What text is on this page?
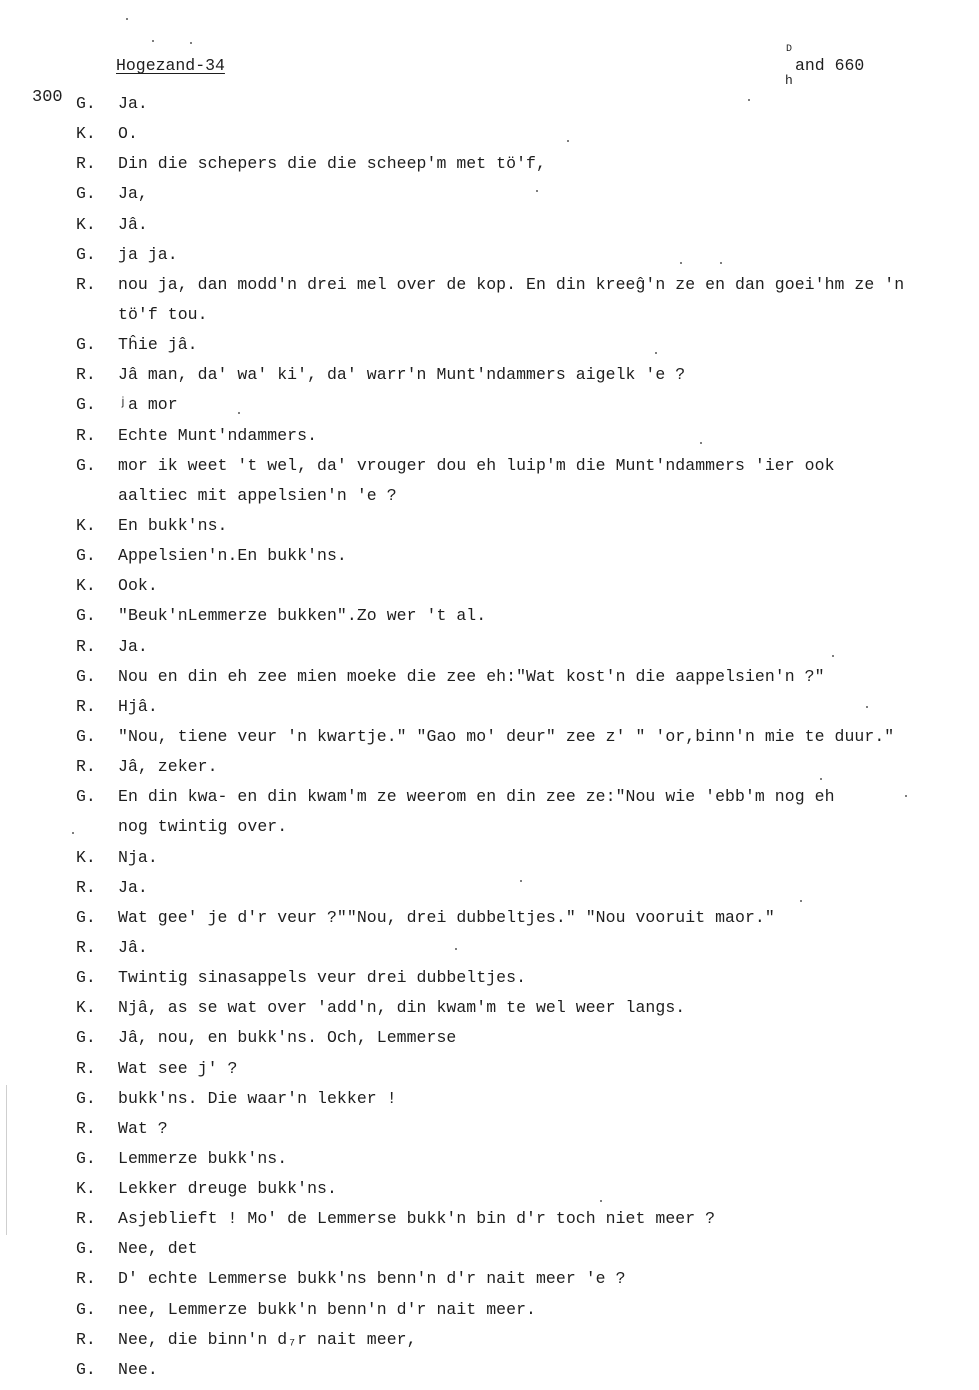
Hogezand-34
D
and 660
h
300 G. Ja.
K. O.
R. Din die schepers die die scheep'm met tö'f,
G. Ja,
K. Jâ.
G. ja ja.
R. nou ja, dan modd'n drei mel over de kop. En din kreeĝ'n ze en dan goei'hm ze 'n
tö'f tou.
G. Tĥie jâ.
R. Jâ man, da' wa' ki', da' warr'n Munt'ndammers aigelk 'e ?
G. ʲa mor
R. Echte Munt'ndammers.
G. mor ik weet 't wel, da' vrouger dou eh luip'm die Munt'ndammers 'ier ook
aaltiec mit appelsien'n 'e ?
K. En bukk'ns.
G. Appelsien'n.En bukk'ns.
K. Ook.
G. "Beuk'nLemmerze bukken".Zo wer 't al.
R. Ja.
G. Nou en din eh zee mien moeke die zee eh:"Wat kost'n die aappelsien'n ?"
R. Hjâ.
G. "Nou, tiene veur 'n kwartje." "Gao mo' deur" zee z' " 'or,binn'n mie te duur."
R. Jâ, zeker.
G. En din kwa- en din kwam'm ze weerom en din zee ze:"Nou wie 'ebb'm nog eh
nog twintig over.
K. Nja.
R. Ja.
G. Wat gee' je d'r veur ?""Nou, drei dubbeltjes." "Nou vooruit maor."
R. Jâ.
G. Twintig sinasappels veur drei dubbeltjes.
K. Njâ, as se wat over 'add'n, din kwam'm te wel weer langs.
G. Jâ, nou, en bukk'ns. Och, Lemmerse
R. Wat see j' ?
G. bukk'ns. Die waar'n lekker !
R. Wat ?
G. Lemmerze bukk'ns.
K. Lekker dreuge bukk'ns.
R. Asjeblieft ! Mo' de Lemmerse bukk'n bin d'r toch niet meer ?
G. Nee, det
R. D' echte Lemmerse bukk'ns benn'n d'r nait meer 'e ?
G. nee, Lemmerze bukk'n benn'n d'r nait meer.
R. Nee, die binn'n d₇r nait meer,
G. Nee.
